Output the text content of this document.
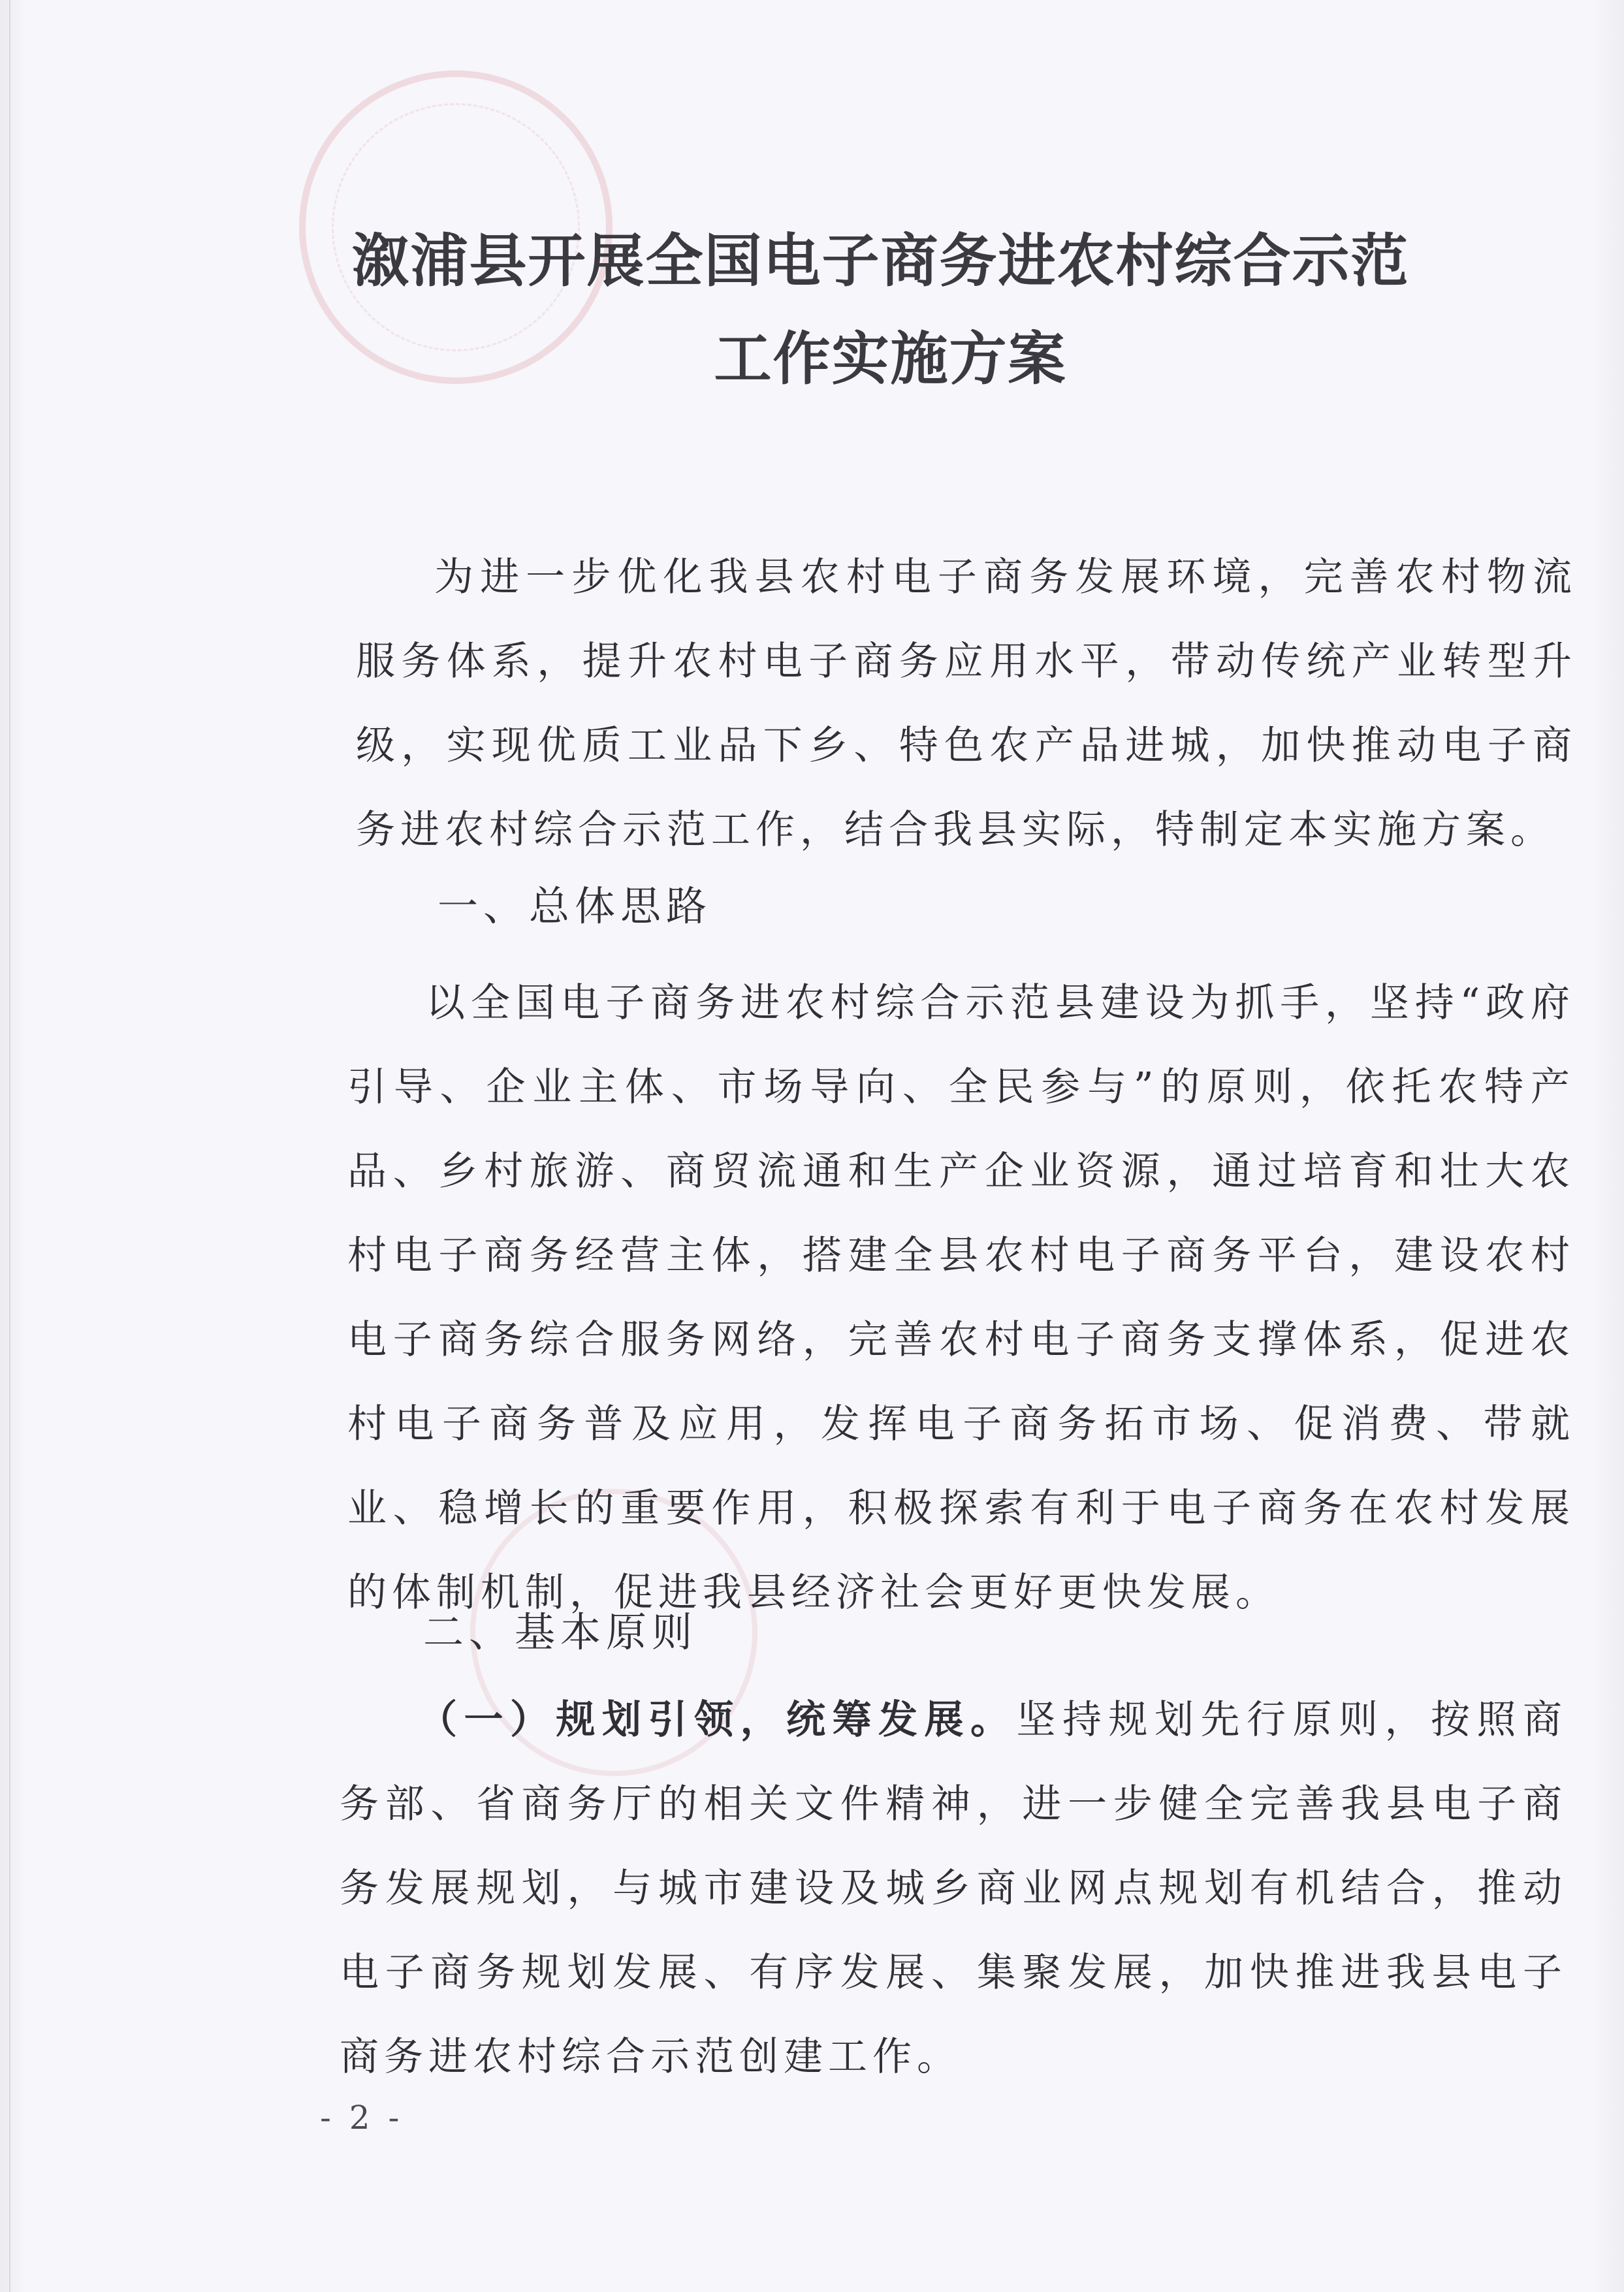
溆浦县开展全国电子商务进农村综合示范
工作实施方案

为进一步优化我县农村电子商务发展环境，完善农村物流服务体系，提升农村电子商务应用水平，带动传统产业转型升级，实现优质工业品下乡、特色农产品进城，加快推动电子商务进农村综合示范工作，结合我县实际，特制定本实施方案。

一、总体思路

以全国电子商务进农村综合示范县建设为抓手，坚持“政府引导、企业主体、市场导向、全民参与”的原则，依托农特产品、乡村旅游、商贸流通和生产企业资源，通过培育和壮大农村电子商务经营主体，搭建全县农村电子商务平台，建设农村电子商务综合服务网络，完善农村电子商务支撑体系，促进农村电子商务普及应用，发挥电子商务拓市场、促消费、带就业、稳增长的重要作用，积极探索有利于电子商务在农村发展的体制机制，促进我县经济社会更好更快发展。

二、基本原则

（一）规划引领，统筹发展。坚持规划先行原则，按照商务部、省商务厅的相关文件精神，进一步健全完善我县电子商务发展规划，与城市建设及城乡商业网点规划有机结合，推动电子商务规划发展、有序发展、集聚发展，加快推进我县电子商务进农村综合示范创建工作。

- 2 -
